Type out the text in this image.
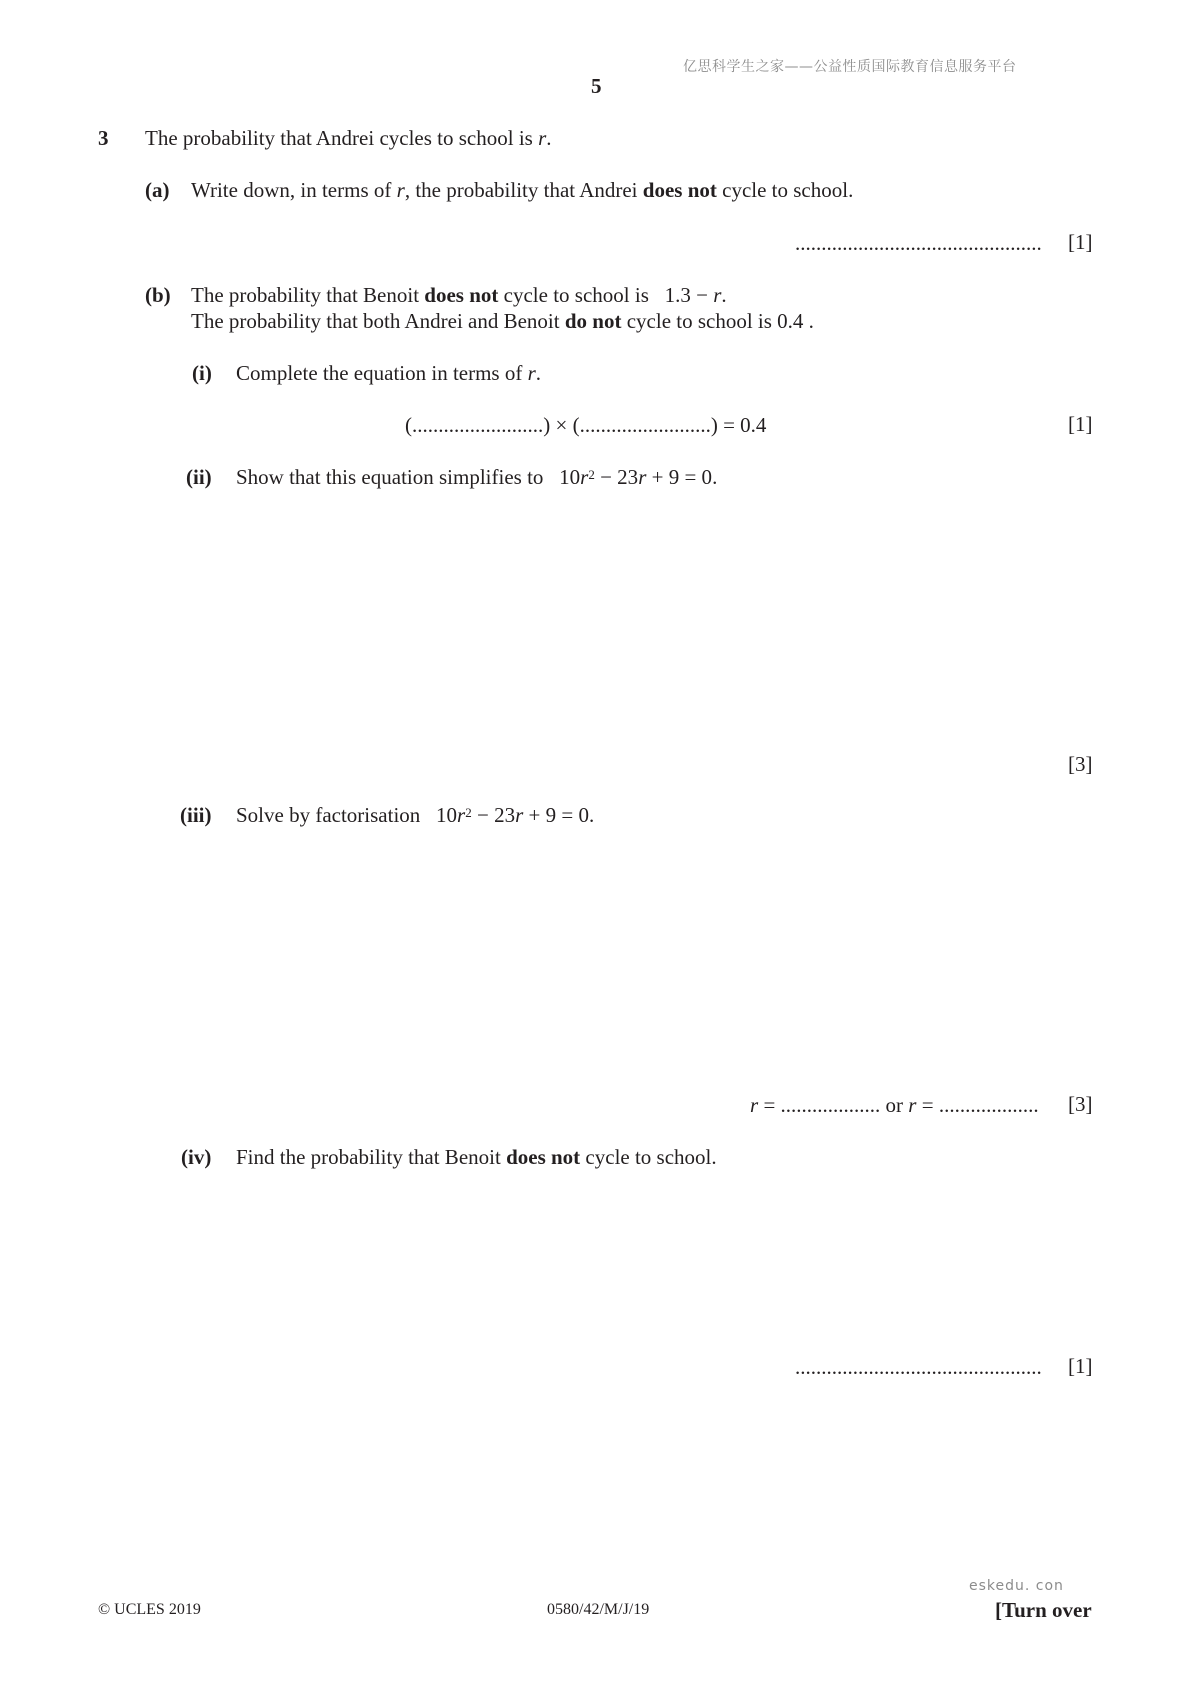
亿思科学生之家——公益性质国际教育信息服务平台
5
3 The probability that Andrei cycles to school is r.
(a) Write down, in terms of r, the probability that Andrei does not cycle to school.
............................................... [1]
(b) The probability that Benoit does not cycle to school is   1.3 − r.
The probability that both Andrei and Benoit do not cycle to school is 0.4 .
(i) Complete the equation in terms of r.
(.........................) × (.........................) = 0.4	[1]
(ii) Show that this equation simplifies to $10r^2 - 23r + 9 = 0$.
[3]
(iii) Solve by factorisation $10r^2 - 23r + 9 = 0$.
r = ................... or r = ................... [3]
(iv) Find the probability that Benoit does not cycle to school.
............................................... [1]
eskedu. con
© UCLES 2019	0580/42/M/J/19	[Turn over
